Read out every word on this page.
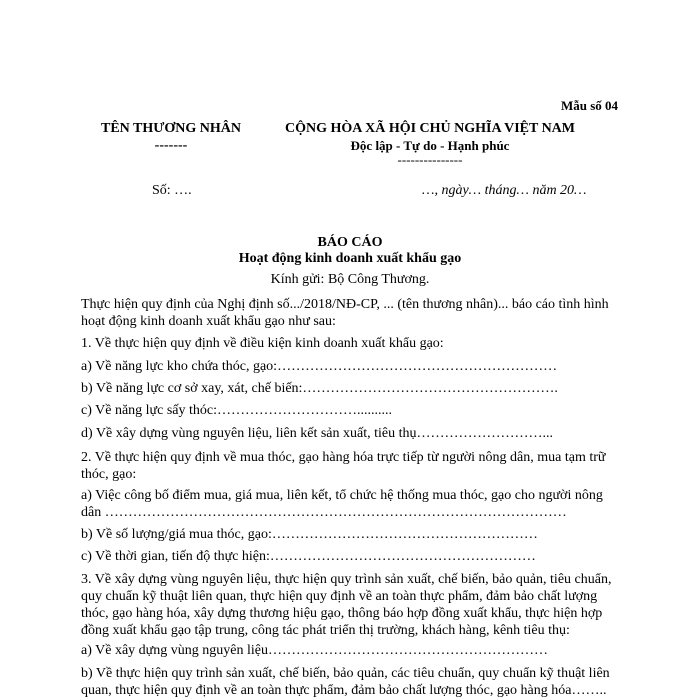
Mẫu số 04
TÊN THƯƠNG NHÂN
-------
CỘNG HÒA XÃ HỘI CHỦ NGHĨA VIỆT NAM
Độc lập - Tự do - Hạnh phúc
---------------
Số: ….	…, ngày… tháng… năm 20…
BÁO CÁO
Hoạt động kinh doanh xuất khẩu gạo
Kính gửi: Bộ Công Thương.
Thực hiện quy định của Nghị định số.../2018/NĐ-CP, ... (tên thương nhân)... báo cáo tình hình hoạt động kinh doanh xuất khẩu gạo như sau:
1. Về thực hiện quy định về điều kiện kinh doanh xuất khẩu gạo:
a) Về năng lực kho chứa thóc, gạo:……………………………………………………
b) Về năng lực cơ sở xay, xát, chế biến:……………………………………………….
c) Về năng lực sấy thóc:…………………………..........
d) Về xây dựng vùng nguyên liệu, liên kết sản xuất, tiêu thụ………………………...
2. Về thực hiện quy định về mua thóc, gạo hàng hóa trực tiếp từ người nông dân, mua tạm trữ thóc, gạo:
a) Việc công bố điểm mua, giá mua, liên kết, tổ chức hệ thống mua thóc, gạo cho người nông dân ………………………………………………………………………………………
b) Về số lượng/giá mua thóc, gạo:…………………………………………………
c) Về thời gian, tiến độ thực hiện:…………………………………………………
3. Về xây dựng vùng nguyên liệu, thực hiện quy trình sản xuất, chế biến, bảo quản, tiêu chuẩn, quy chuẩn kỹ thuật liên quan, thực hiện quy định về an toàn thực phẩm, đảm bảo chất lượng thóc, gạo hàng hóa, xây dựng thương hiệu gạo, thông báo hợp đồng xuất khẩu, thực hiện hợp đồng xuất khẩu gạo tập trung, công tác phát triển thị trường, khách hàng, kênh tiêu thụ:
a) Về xây dựng vùng nguyên liệu……………………………………………………
b) Về thực hiện quy trình sản xuất, chế biến, bảo quản, các tiêu chuẩn, quy chuẩn kỹ thuật liên quan, thực hiện quy định về an toàn thực phẩm, đảm bảo chất lượng thóc, gạo hàng hóa……..
